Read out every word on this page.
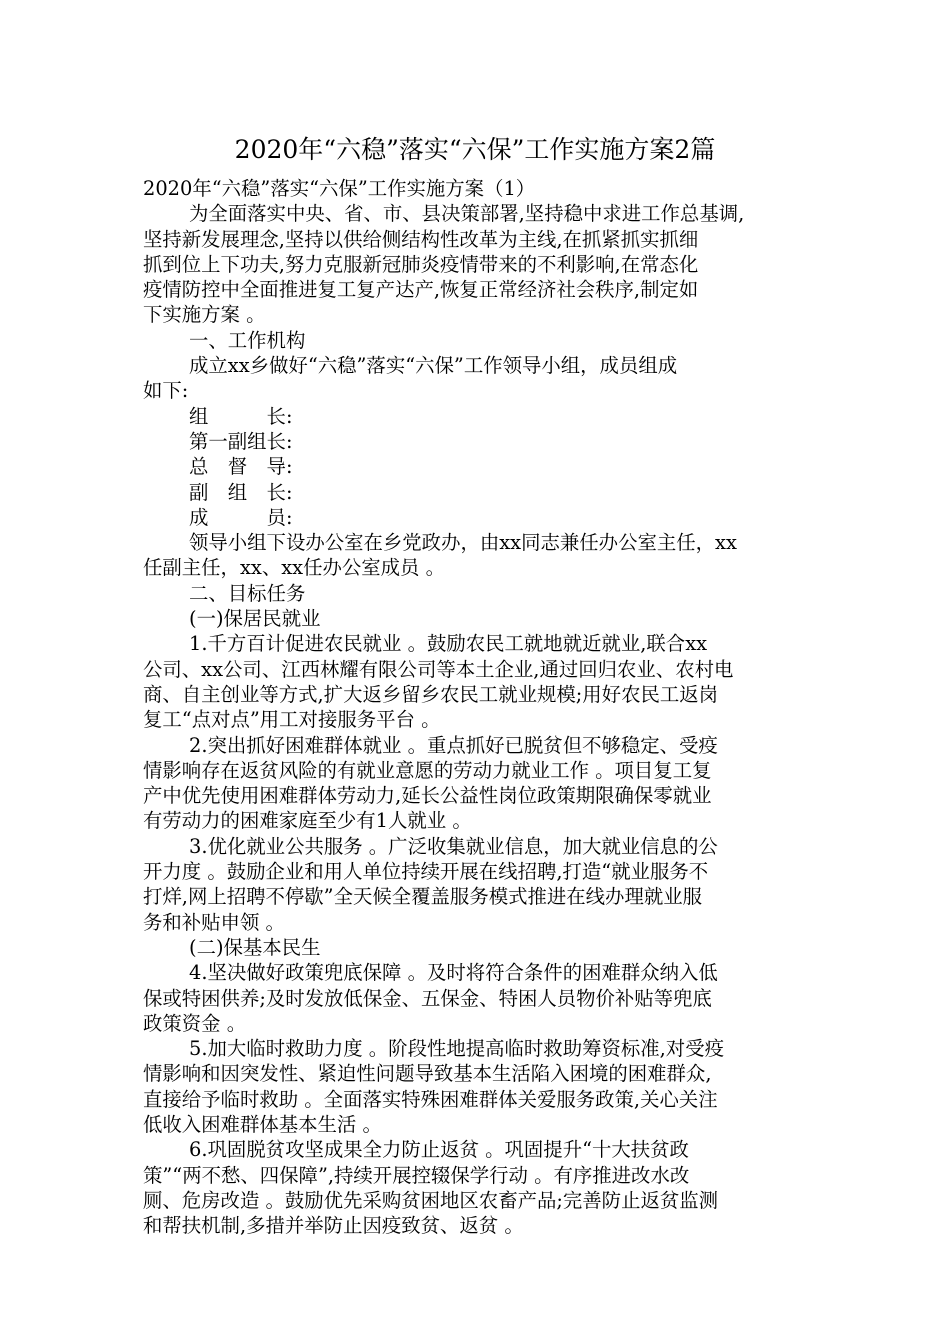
2020年“六稳”落实“六保”工作实施方案2篇

2020年“六稳”落实“六保”工作实施方案（1）

为全面落实中央、省、市、县决策部署,坚持稳中求进工作总基调,

坚持新发展理念,坚持以供给侧结构性改革为主线,在抓紧抓实抓细

抓到位上下功夫,努力克服新冠肺炎疫情带来的不利影响,在常态化

疫情防控中全面推进复工复产达产,恢复正常经济社会秩序,制定如

下实施方案 。

一、工作机构

成立xx乡做好“六稳”落实“六保”工作领导小组，成员组成

如下:

组　　　长:

第一副组长:

总　督　导:

副　组　长:

成　　　员:

领导小组下设办公室在乡党政办，由xx同志兼任办公室主任，xx

任副主任，xx、xx任办公室成员 。

二、目标任务

(一)保居民就业

1.千方百计促进农民就业 。鼓励农民工就地就近就业,联合xx

公司、xx公司、江西林耀有限公司等本土企业,通过回归农业、农村电

商、自主创业等方式,扩大返乡留乡农民工就业规模;用好农民工返岗

复工“点对点”用工对接服务平台 。

2.突出抓好困难群体就业 。重点抓好已脱贫但不够稳定、受疫

情影响存在返贫风险的有就业意愿的劳动力就业工作 。项目复工复

产中优先使用困难群体劳动力,延长公益性岗位政策期限确保零就业

有劳动力的困难家庭至少有1人就业 。

3.优化就业公共服务 。广泛收集就业信息，加大就业信息的公

开力度 。鼓励企业和用人单位持续开展在线招聘,打造“就业服务不

打烊,网上招聘不停歇”全天候全覆盖服务模式推进在线办理就业服

务和补贴申领 。

(二)保基本民生

4.坚决做好政策兜底保障 。及时将符合条件的困难群众纳入低

保或特困供养;及时发放低保金、五保金、特困人员物价补贴等兜底

政策资金 。

5.加大临时救助力度 。阶段性地提高临时救助筹资标准,对受疫

情影响和因突发性、紧迫性问题导致基本生活陷入困境的困难群众,

直接给予临时救助 。全面落实特殊困难群体关爱服务政策,关心关注

低收入困难群体基本生活 。

6.巩固脱贫攻坚成果全力防止返贫 。巩固提升“十大扶贫政

策”“两不愁、四保障”,持续开展控辍保学行动 。有序推进改水改

厕、危房改造 。鼓励优先采购贫困地区农畜产品;完善防止返贫监测

和帮扶机制,多措并举防止因疫致贫、返贫 。
